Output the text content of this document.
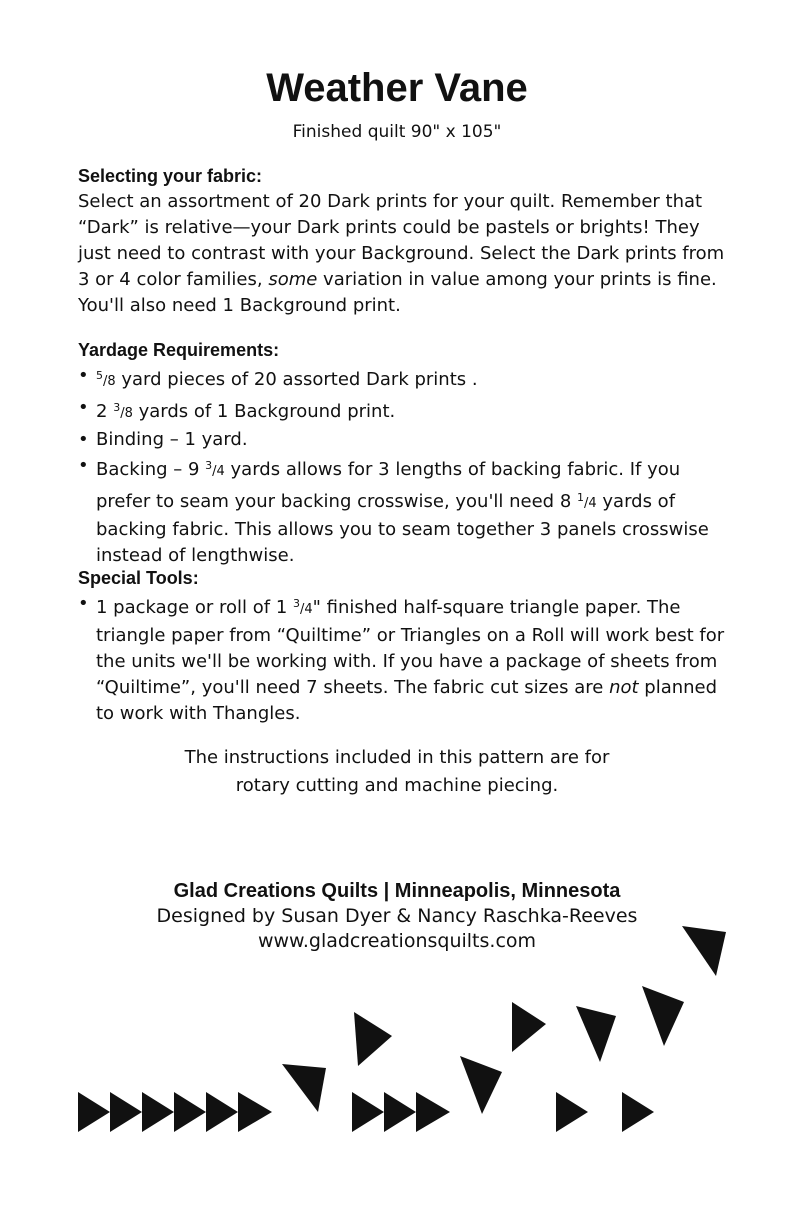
Weather Vane
Finished quilt 90" x 105"
Selecting your fabric:

Select an assortment of 20 Dark prints for your quilt. Remember that “Dark” is relative—your Dark prints could be pastels or brights! They just need to contrast with your Background. Select the Dark prints from 3 or 4 color families, some variation in value among your prints is fine. You'll also need 1 Background print.

Yardage Requirements:
• $^5$/8 yard pieces of 20 assorted Dark prints .
• 2 $^3$/8 yards of 1 Background print.
• Binding – 1 yard.
• Backing – 9 $^3$/4 yards allows for 3 lengths of backing fabric. If you prefer to seam your backing crosswise, you'll need 8 $^1$/4 yards of backing fabric. This allows you to seam together 3 panels crosswise instead of lengthwise.
Special Tools:
• 1 package or roll of 1 $^3$/4" finished half-square triangle paper. The triangle paper from “Quiltime” or Triangles on a Roll will work best for the units we'll be working with. If you have a package of sheets from “Quiltime”, you'll need 7 sheets. The fabric cut sizes are not planned to work with Thangles.
The instructions included in this pattern are for
rotary cutting and machine piecing.
Glad Creations Quilts | Minneapolis, Minnesota
Designed by Susan Dyer & Nancy Raschka-Reeves
www.gladcreationsquilts.com
